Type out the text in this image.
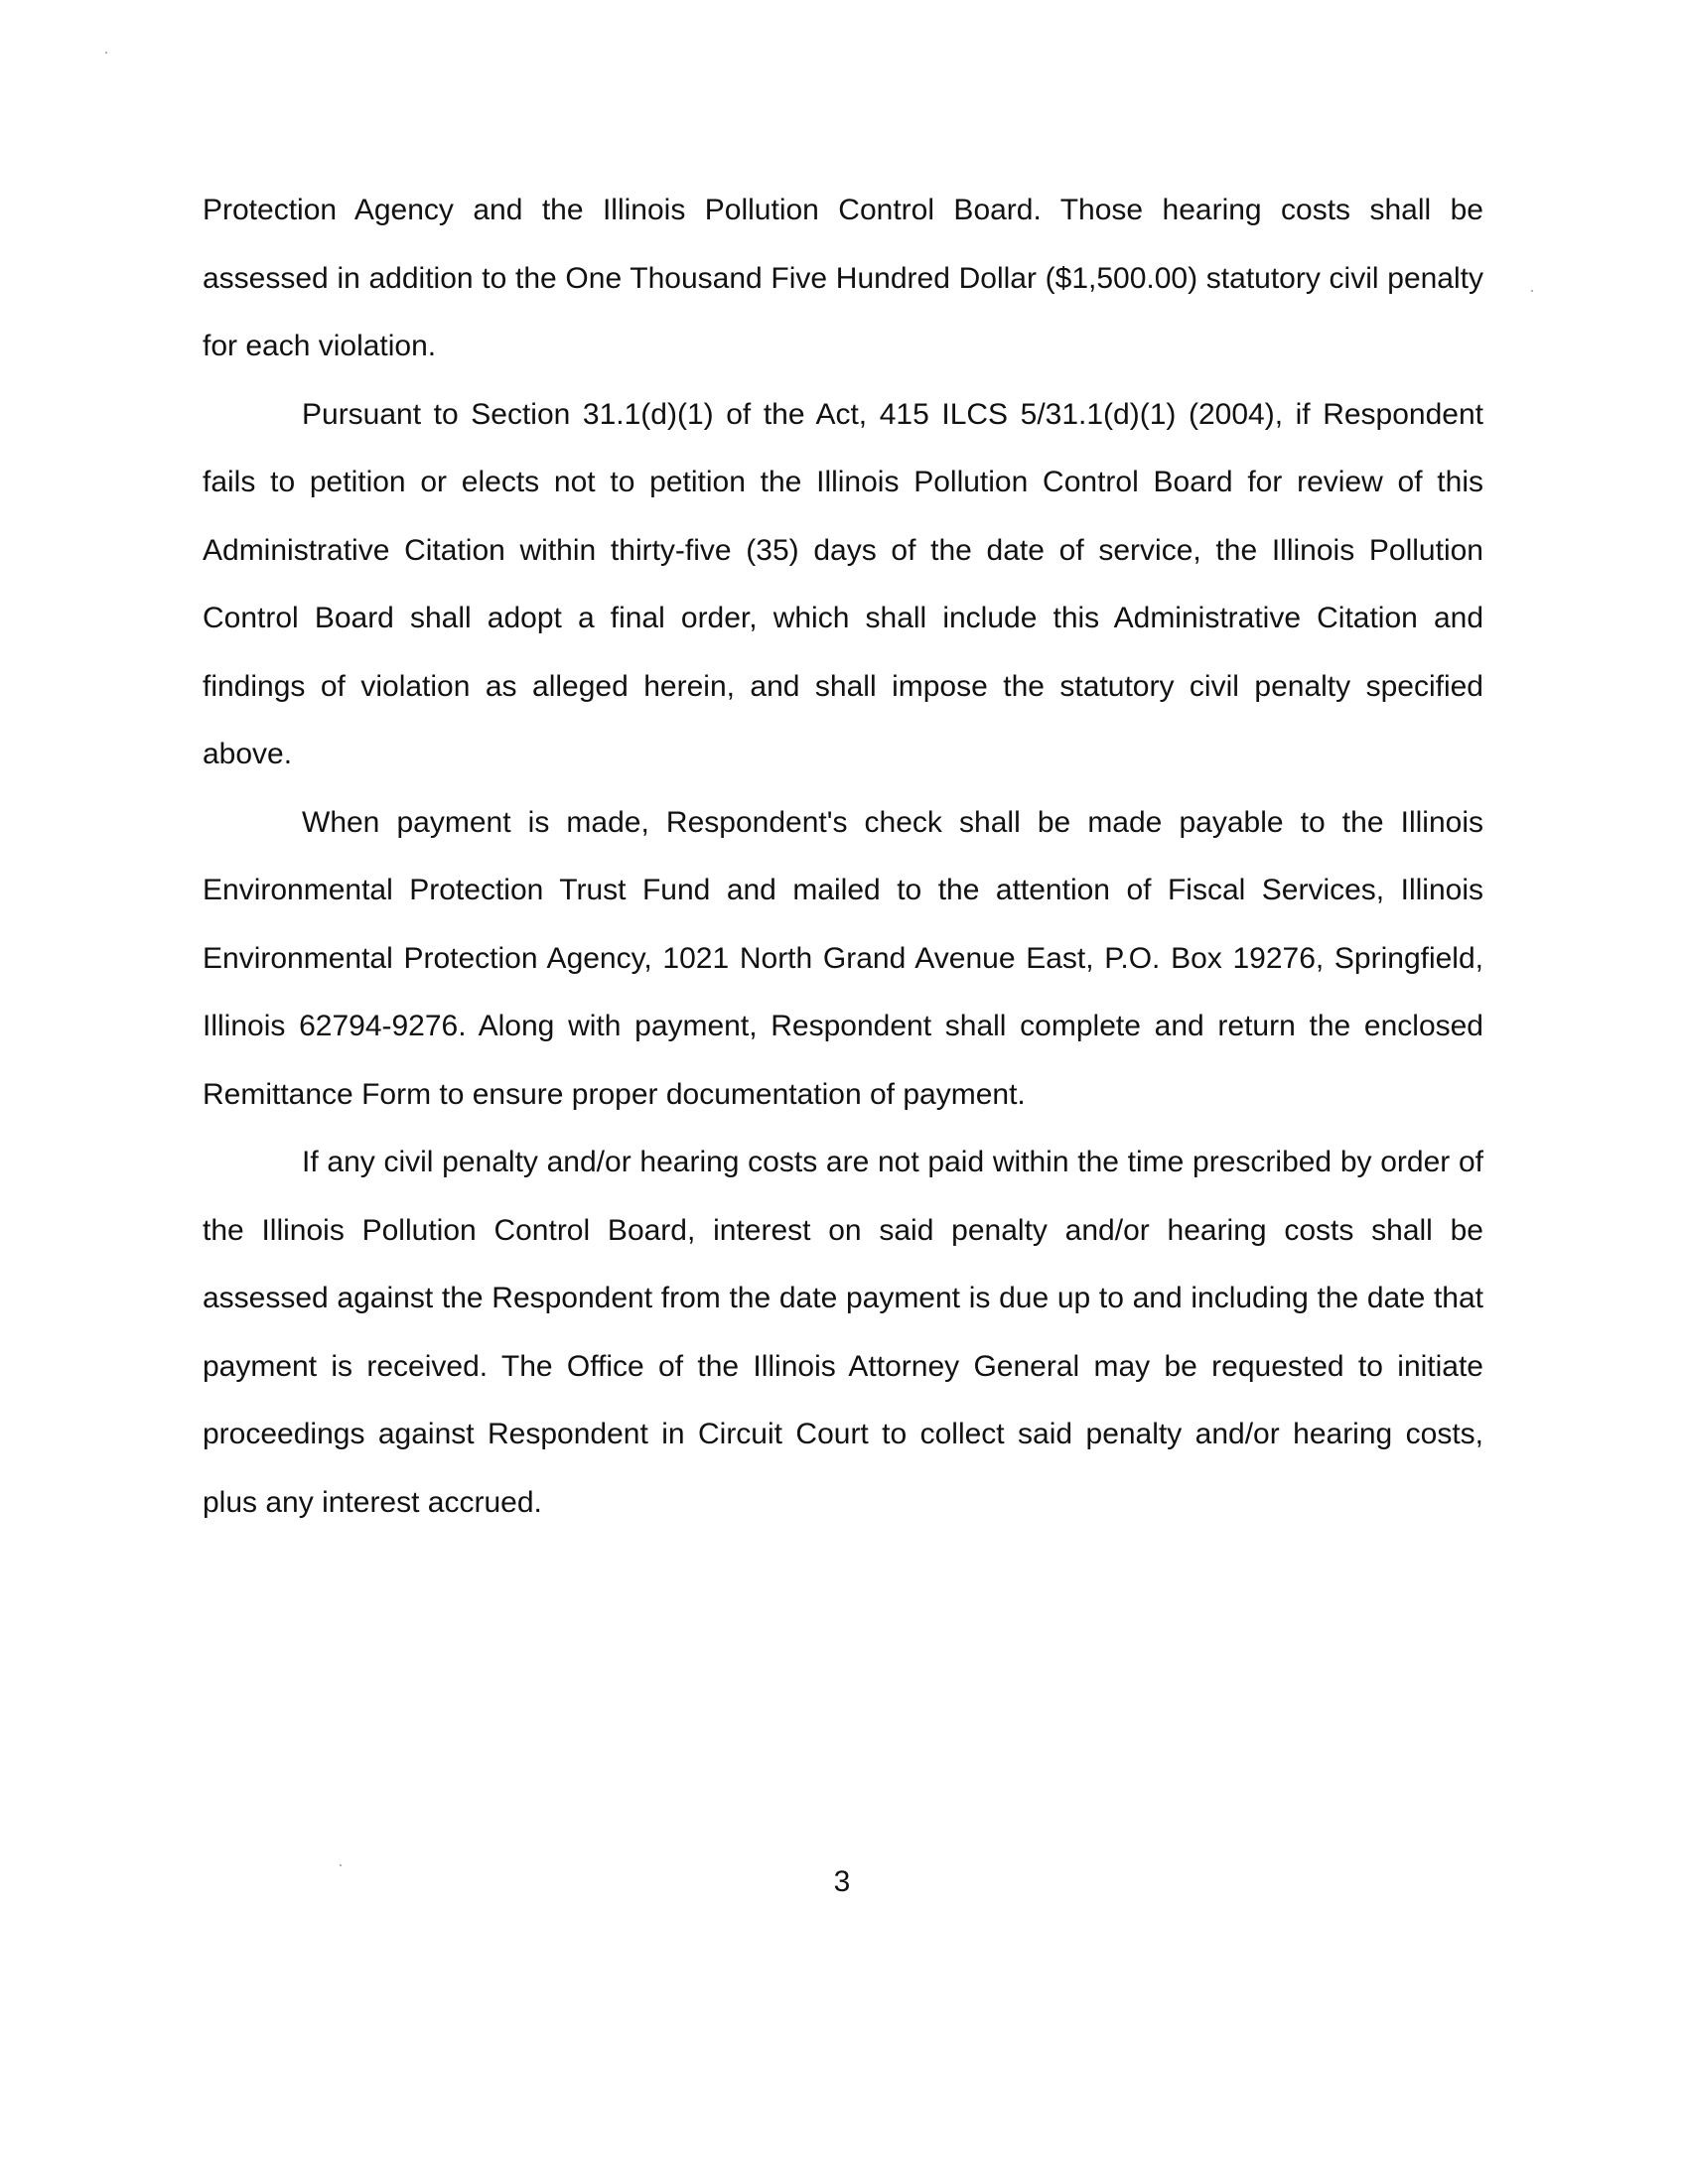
Protection Agency and the Illinois Pollution Control Board. Those hearing costs shall be assessed in addition to the One Thousand Five Hundred Dollar ($1,500.00) statutory civil penalty for each violation.

Pursuant to Section 31.1(d)(1) of the Act, 415 ILCS 5/31.1(d)(1) (2004), if Respondent fails to petition or elects not to petition the Illinois Pollution Control Board for review of this Administrative Citation within thirty-five (35) days of the date of service, the Illinois Pollution Control Board shall adopt a final order, which shall include this Administrative Citation and findings of violation as alleged herein, and shall impose the statutory civil penalty specified above.

When payment is made, Respondent's check shall be made payable to the Illinois Environmental Protection Trust Fund and mailed to the attention of Fiscal Services, Illinois Environmental Protection Agency, 1021 North Grand Avenue East, P.O. Box 19276, Springfield, Illinois 62794-9276. Along with payment, Respondent shall complete and return the enclosed Remittance Form to ensure proper documentation of payment.

If any civil penalty and/or hearing costs are not paid within the time prescribed by order of the Illinois Pollution Control Board, interest on said penalty and/or hearing costs shall be assessed against the Respondent from the date payment is due up to and including the date that payment is received. The Office of the Illinois Attorney General may be requested to initiate proceedings against Respondent in Circuit Court to collect said penalty and/or hearing costs, plus any interest accrued.

3
